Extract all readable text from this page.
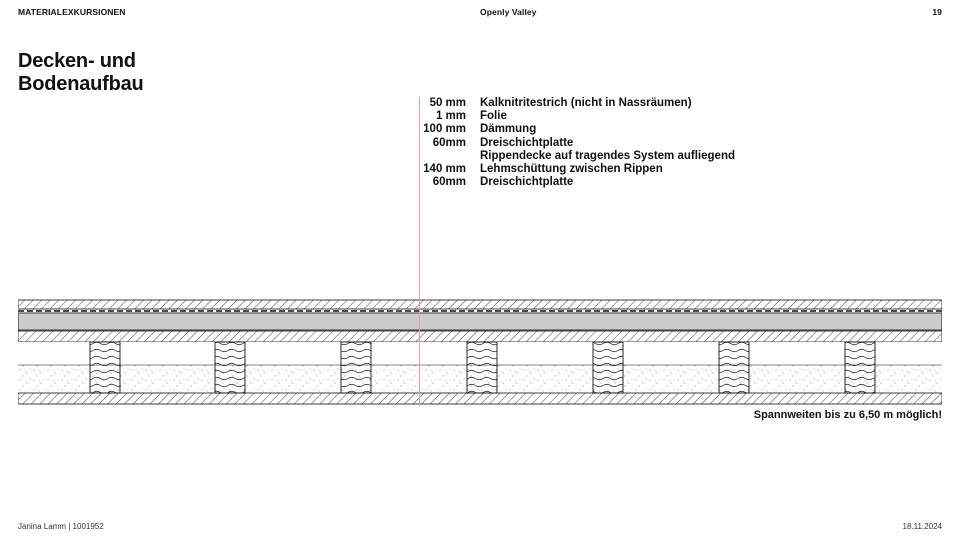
MATERIALEXKURSIONEN	Openly Valley	19
Decken- und
Bodenaufbau
50 mm Kalknitritestrich (nicht in Nassräumen)
1 mm Folie
100 mm Dämmung
60mm Dreischichtplatte
Rippendecke auf tragendes System aufliegend
140 mm Lehmschüttung zwischen Rippen
60mm Dreischichtplatte
Spannweiten bis zu 6,50 m möglich!
Janina Lamm | 1001952	18.11.2024
